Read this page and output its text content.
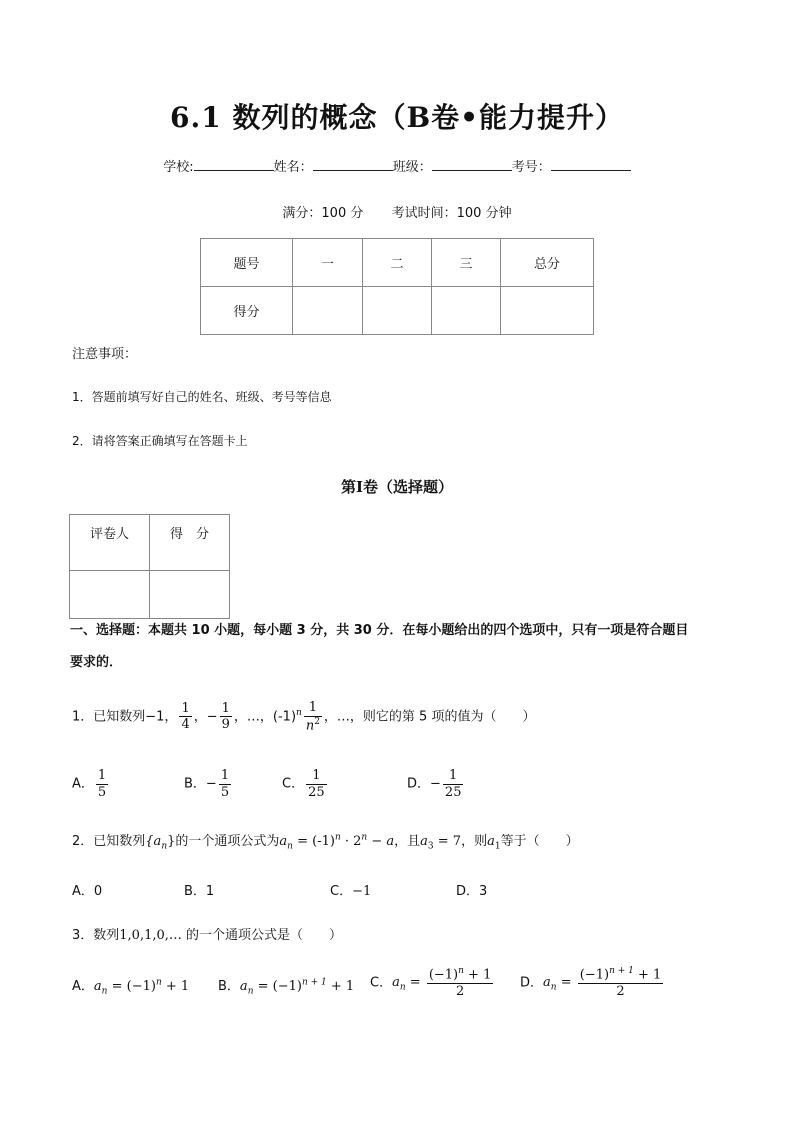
6.1 数列的概念（B卷•能力提升）
学校:	姓名：	班级：	考号：
满分：100 分 考试时间：100 分钟
题号	一	二	三	总分
得分				
注意事项：
1．答题前填写好自己的姓名、班级、考号等信息
2．请将答案正确填写在答题卡上
第I卷（选择题）
评卷人	得　分

一、选择题：本题共 10 小题，每小题 3 分，共 30 分．在每小题给出的四个选项中，只有一项是符合题目
要求的．
1．已知数列−1， $\frac{1}{4}$ ，− $\frac{1}{9}$ ，…，$(-1)^n \frac{1}{n^2}$ ，…，则它的第 5 项的值为（　　）
A． $\frac{1}{5}$	B．− $\frac{1}{5}$	C． $\frac{1}{25}$	D．− $\frac{1}{25}$
2．已知数列$\{a_n\}$的一个通项公式为$a_n = (-1)^n \cdot 2^n - a$，且$a_3 = 7$，则$a_1$等于（　　）
A．0	B．1	C．−1	D．3
3．数列1,0,1,0,… 的一个通项公式是（　　）
A．$a_n = (-1)^n + 1$ B．$a_n = (-1)^{n + 1} + 1$ C．$a_n = \frac{(-1)^n + 1}{2}$ D．$a_n = \frac{(-1)^{n + 1} + 1}{2}$
